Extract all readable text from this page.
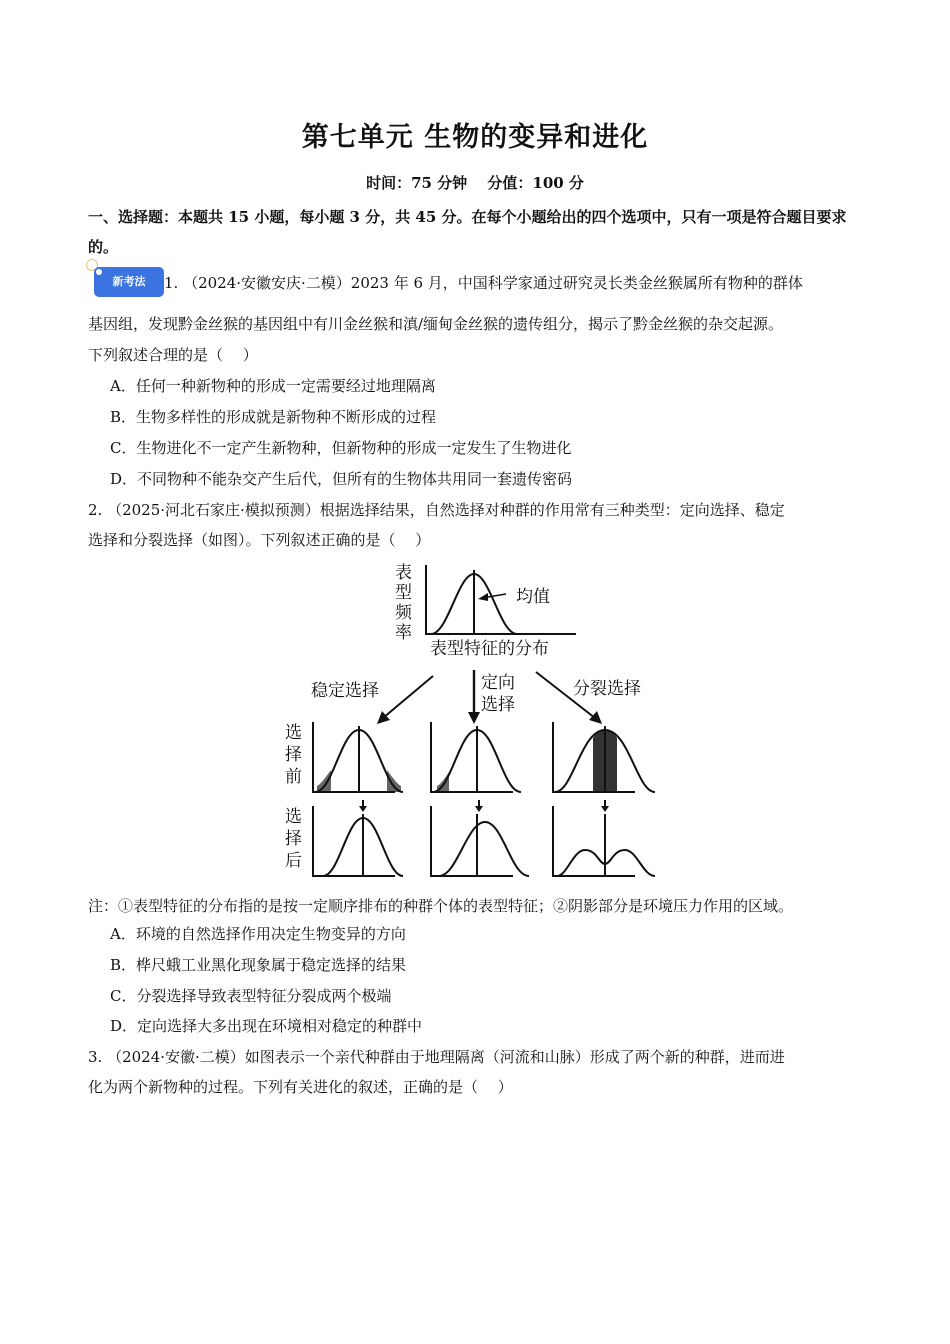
第七单元 生物的变异和进化
时间：75 分钟　 分值：100 分
一、选择题：本题共 15 小题，每小题 3 分，共 45 分。在每个小题给出的四个选项中，只有一项是符合题目要求的。
新考法	1. （2024·安徽安庆·二模）2023 年 6 月，中国科学家通过研究灵长类金丝猴属所有物种的群体
基因组，发现黔金丝猴的基因组中有川金丝猴和滇/缅甸金丝猴的遗传组分，揭示了黔金丝猴的杂交起源。
下列叙述合理的是（　 ）
A．任何一种新物种的形成一定需要经过地理隔离
B．生物多样性的形成就是新物种不断形成的过程
C．生物进化不一定产生新物种，但新物种的形成一定发生了生物进化
D．不同物种不能杂交产生后代，但所有的生物体共用同一套遗传密码
2. （2025·河北石家庄·模拟预测）根据选择结果，自然选择对种群的作用常有三种类型：定向选择、稳定
选择和分裂选择（如图）。下列叙述正确的是（　 ）
表
型
频
率
均值
表型特征的分布
稳定选择	定向
选择
分裂选择
选
择
前
选
择
后
注：①表型特征的分布指的是按一定顺序排布的种群个体的表型特征；②阴影部分是环境压力作用的区域。
A．环境的自然选择作用决定生物变异的方向
B．桦尺蛾工业黑化现象属于稳定选择的结果
C．分裂选择导致表型特征分裂成两个极端
D．定向选择大多出现在环境相对稳定的种群中
3. （2024·安徽·二模）如图表示一个亲代种群由于地理隔离（河流和山脉）形成了两个新的种群，进而进
化为两个新物种的过程。下列有关进化的叙述，正确的是（　 ）
